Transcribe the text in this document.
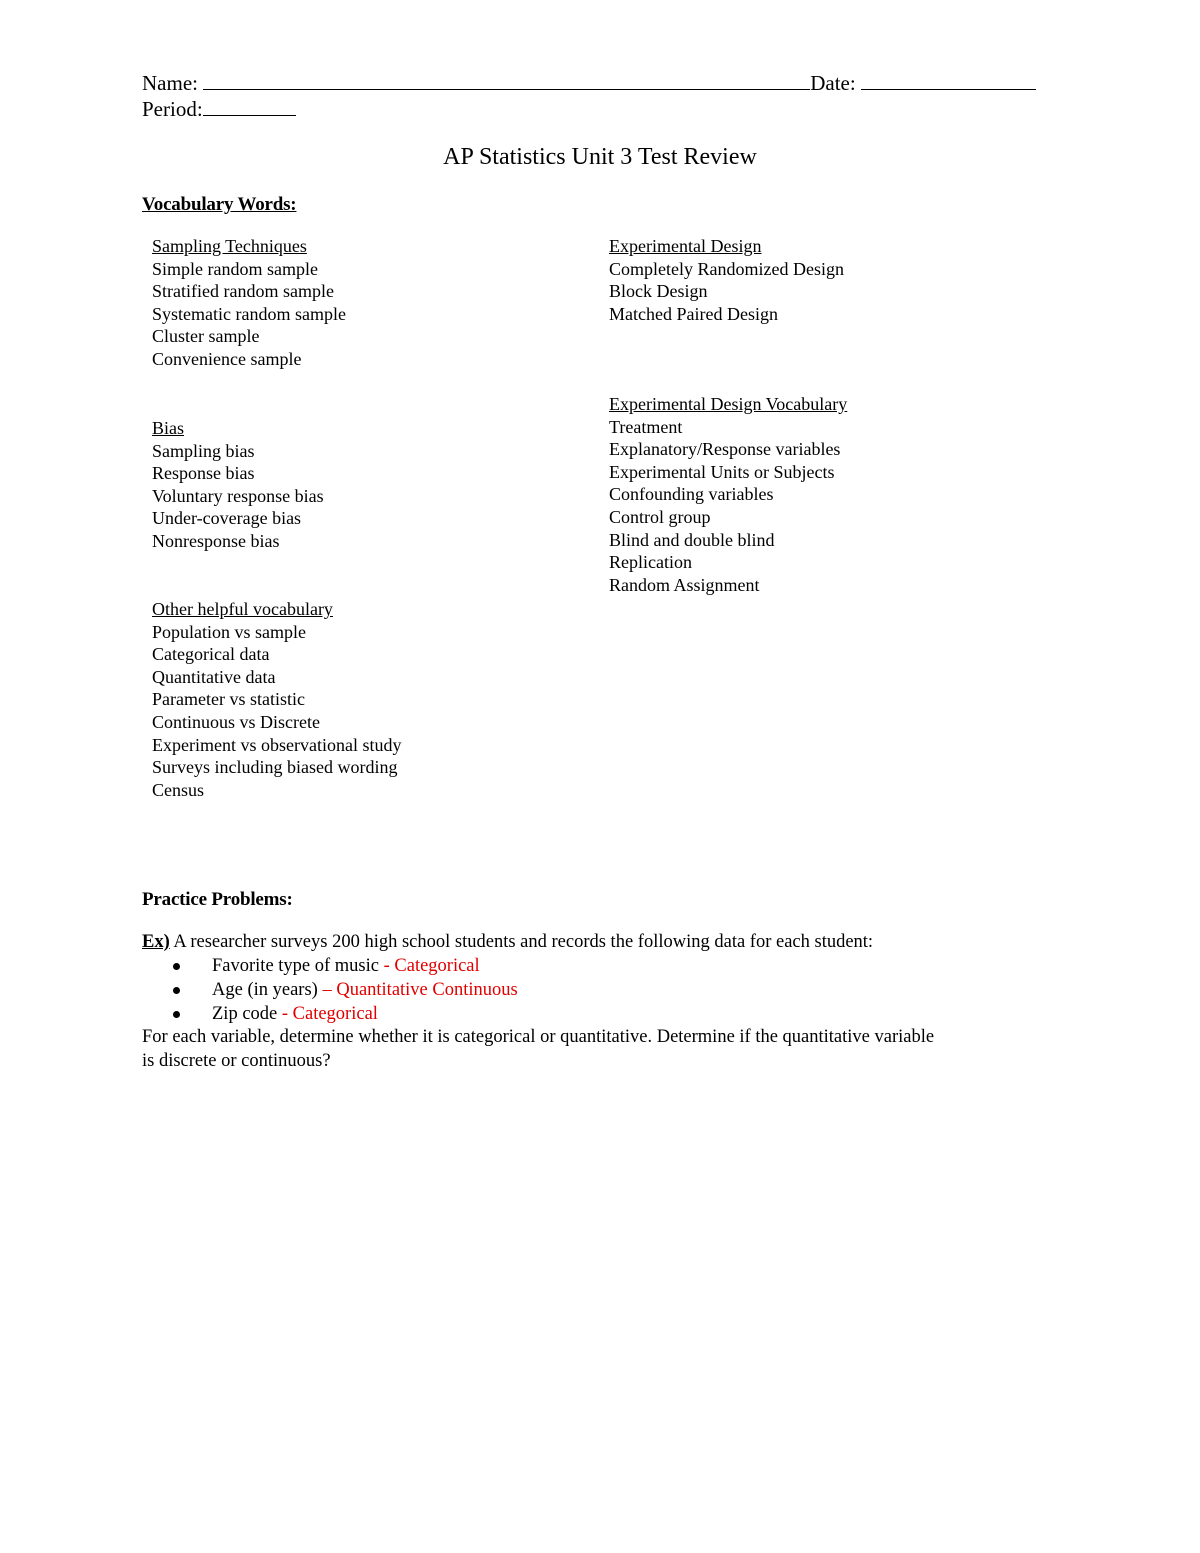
Name:	Date:
Period:
AP Statistics Unit 3 Test Review
Vocabulary Words:
Sampling Techniques
Simple random sample
Stratified random sample
Systematic random sample
Cluster sample
Convenience sample
Bias
Sampling bias
Response bias
Voluntary response bias
Under-coverage bias
Nonresponse bias
Other helpful vocabulary
Population vs sample
Categorical data
Quantitative data
Parameter vs statistic
Continuous vs Discrete
Experiment vs observational study
Surveys including biased wording
Census
Experimental Design
Completely Randomized Design
Block Design
Matched Paired Design
Experimental Design Vocabulary
Treatment
Explanatory/Response variables
Experimental Units or Subjects
Confounding variables
Control group
Blind and double blind
Replication
Random Assignment
Practice Problems:
Ex) A researcher surveys 200 high school students and records the following data for each student:
Favorite type of music - Categorical
Age (in years) – Quantitative Continuous
Zip code - Categorical
For each variable, determine whether it is categorical or quantitative. Determine if the quantitative variable
is discrete or continuous?
